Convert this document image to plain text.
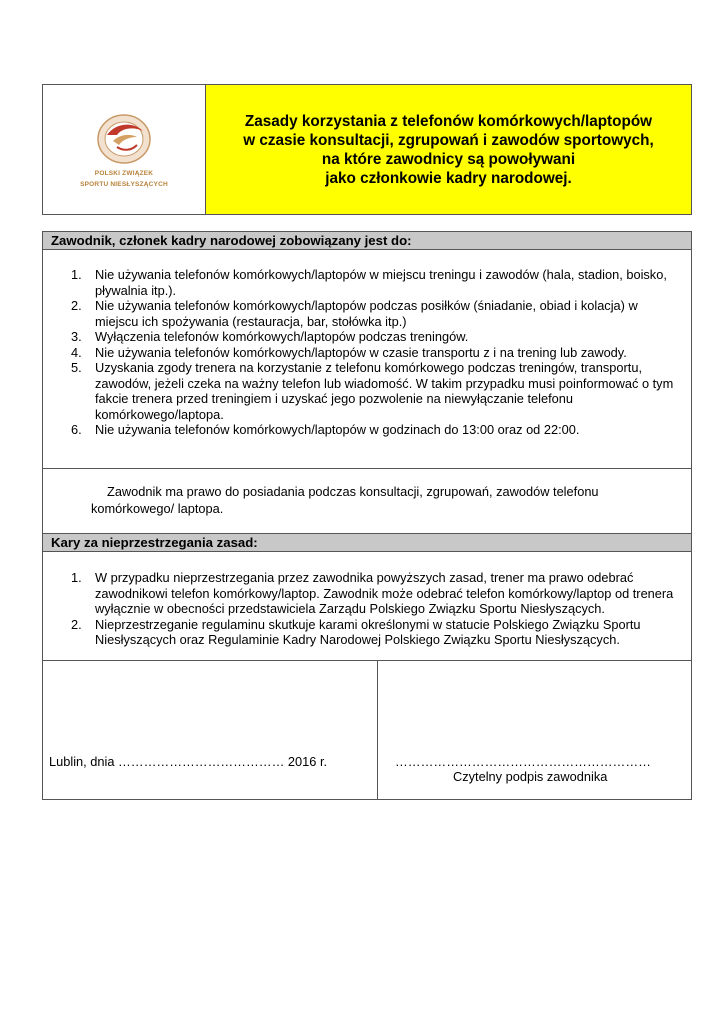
POLSKI ZWIĄZEK
SPORTU NIESŁYSZĄCYCH
Zasady korzystania z telefonów komórkowych/laptopów
w czasie konsultacji, zgrupowań i zawodów sportowych,
na które zawodnicy są powoływani
jako członkowie kadry narodowej.
Zawodnik, członek kadry narodowej zobowiązany jest do:
1. Nie używania telefonów komórkowych/laptopów w miejscu treningu i zawodów (hala, stadion, boisko, pływalnia itp.).
2. Nie używania telefonów komórkowych/laptopów podczas posiłków (śniadanie, obiad i kolacja) w miejscu ich spożywania (restauracja, bar, stołówka itp.)
3. Wyłączenia telefonów komórkowych/laptopów podczas treningów.
4. Nie używania telefonów komórkowych/laptopów w czasie transportu z i na trening lub zawody.
5. Uzyskania zgody trenera na korzystanie z telefonu komórkowego podczas treningów, transportu, zawodów, jeżeli czeka na ważny telefon lub wiadomość. W takim przypadku musi poinformować o tym fakcie trenera przed treningiem i uzyskać jego pozwolenie na niewyłączanie telefonu komórkowego/laptopa.
6. Nie używania telefonów komórkowych/laptopów w godzinach do 13:00 oraz od 22:00.
Zawodnik ma prawo do posiadania podczas konsultacji, zgrupowań, zawodów telefonu komórkowego/ laptopa.
Kary za nieprzestrzegania zasad:
1. W przypadku nieprzestrzegania przez zawodnika powyższych zasad, trener ma prawo odebrać zawodnikowi telefon komórkowy/laptop. Zawodnik może odebrać telefon komórkowy/laptop od trenera wyłącznie w obecności przedstawiciela Zarządu Polskiego Związku Sportu Niesłyszących.
2. Nieprzestrzeganie regulaminu skutkuje karami określonymi w statucie Polskiego Związku Sportu Niesłyszących oraz Regulaminie Kadry Narodowej Polskiego Związku Sportu Niesłyszących.
Lublin, dnia ………………………………… 2016 r.	……………………………………………………
Czytelny podpis zawodnika
